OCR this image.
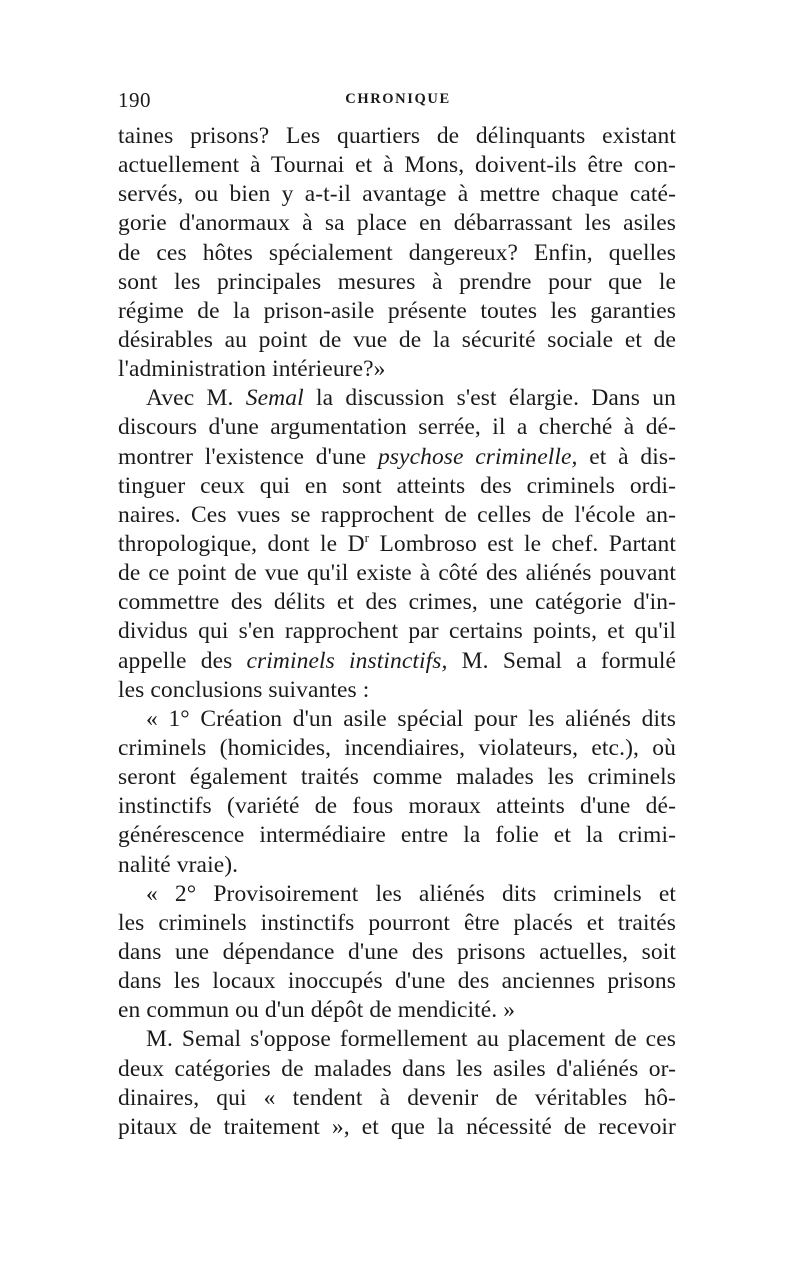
190	CHRONIQUE
taines prisons? Les quartiers de délinquants existant
actuellement à Tournai et à Mons, doivent-ils être con-
servés, ou bien y a-t-il avantage à mettre chaque caté-
gorie d'anormaux à sa place en débarrassant les asiles
de ces hôtes spécialement dangereux? Enfin, quelles
sont les principales mesures à prendre pour que le
régime de la prison-asile présente toutes les garanties
désirables au point de vue de la sécurité sociale et de
l'administration intérieure?»
Avec M. Semal la discussion s'est élargie. Dans un
discours d'une argumentation serrée, il a cherché à dé-
montrer l'existence d'une psychose criminelle, et à dis-
tinguer ceux qui en sont atteints des criminels ordi-
naires. Ces vues se rapprochent de celles de l'école an-
thropologique, dont le $D^r$ Lombroso est le chef. Partant
de ce point de vue qu'il existe à côté des aliénés pouvant
commettre des délits et des crimes, une catégorie d'in-
dividus qui s'en rapprochent par certains points, et qu'il
appelle des criminels instinctifs, M. Semal a formulé
les conclusions suivantes :
« 1° Création d'un asile spécial pour les aliénés dits
criminels (homicides, incendiaires, violateurs, etc.), où
seront également traités comme malades les criminels
instinctifs (variété de fous moraux atteints d'une dé-
générescence intermédiaire entre la folie et la crimi-
nalité vraie).
« 2° Provisoirement les aliénés dits criminels et
les criminels instinctifs pourront être placés et traités
dans une dépendance d'une des prisons actuelles, soit
dans les locaux inoccupés d'une des anciennes prisons
en commun ou d'un dépôt de mendicité. »
M. Semal s'oppose formellement au placement de ces
deux catégories de malades dans les asiles d'aliénés or-
dinaires, qui « tendent à devenir de véritables hô-
pitaux de traitement », et que la nécessité de recevoir
